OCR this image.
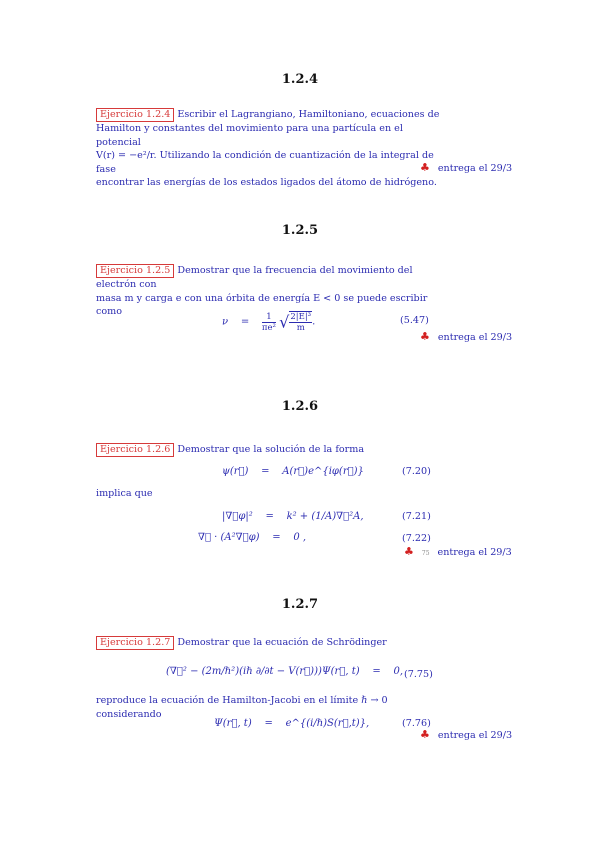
1.2.4
Ejercicio 1.2.4 Escribir el Lagrangiano, Hamiltoniano, ecuaciones de
Hamilton y constantes del movimiento para una partícula en el potencial
V(r) = −e²/r. Utilizando la condición de cuantización de la integral de fase
encontrar las energías de los estados ligados del átomo de hidrógeno.
♣ entrega el 29/3
1.2.5
Ejercicio 1.2.5 Demostrar que la frecuencia del movimiento del electrón con
masa m y carga e con una órbita de energía E < 0 se puede escribir como
$\nu = \frac{1}{\text{πe²}}$ √ $\frac{\text{2|E|³}}{m}$ .	(5.47)
♣ entrega el 29/3
1.2.6
Ejercicio 1.2.6 Demostrar que la solución de la forma
ψ(r⃗) = A(r⃗)e^{iφ(r⃗)}	(7.20)
implica que
|∇⃗φ|² = k² + (1/A)∇⃗²A,	(7.21)
∇⃗ · (A²∇⃗φ) = 0 ,	(7.22)
♣ 75 entrega el 29/3
1.2.7
Ejercicio 1.2.7 Demostrar que la ecuación de Schrödinger
(∇⃗² − (2m/ℏ²)(iℏ ∂/∂t − V(r⃗)))Ψ(r⃗, t) = 0, (7.75)
reproduce la ecuación de Hamilton-Jacobi en el límite ℏ → 0 considerando
Ψ(r⃗, t) = e^{(i/ℏ)S(r⃗,t)},	(7.76)
♣ entrega el 29/3
